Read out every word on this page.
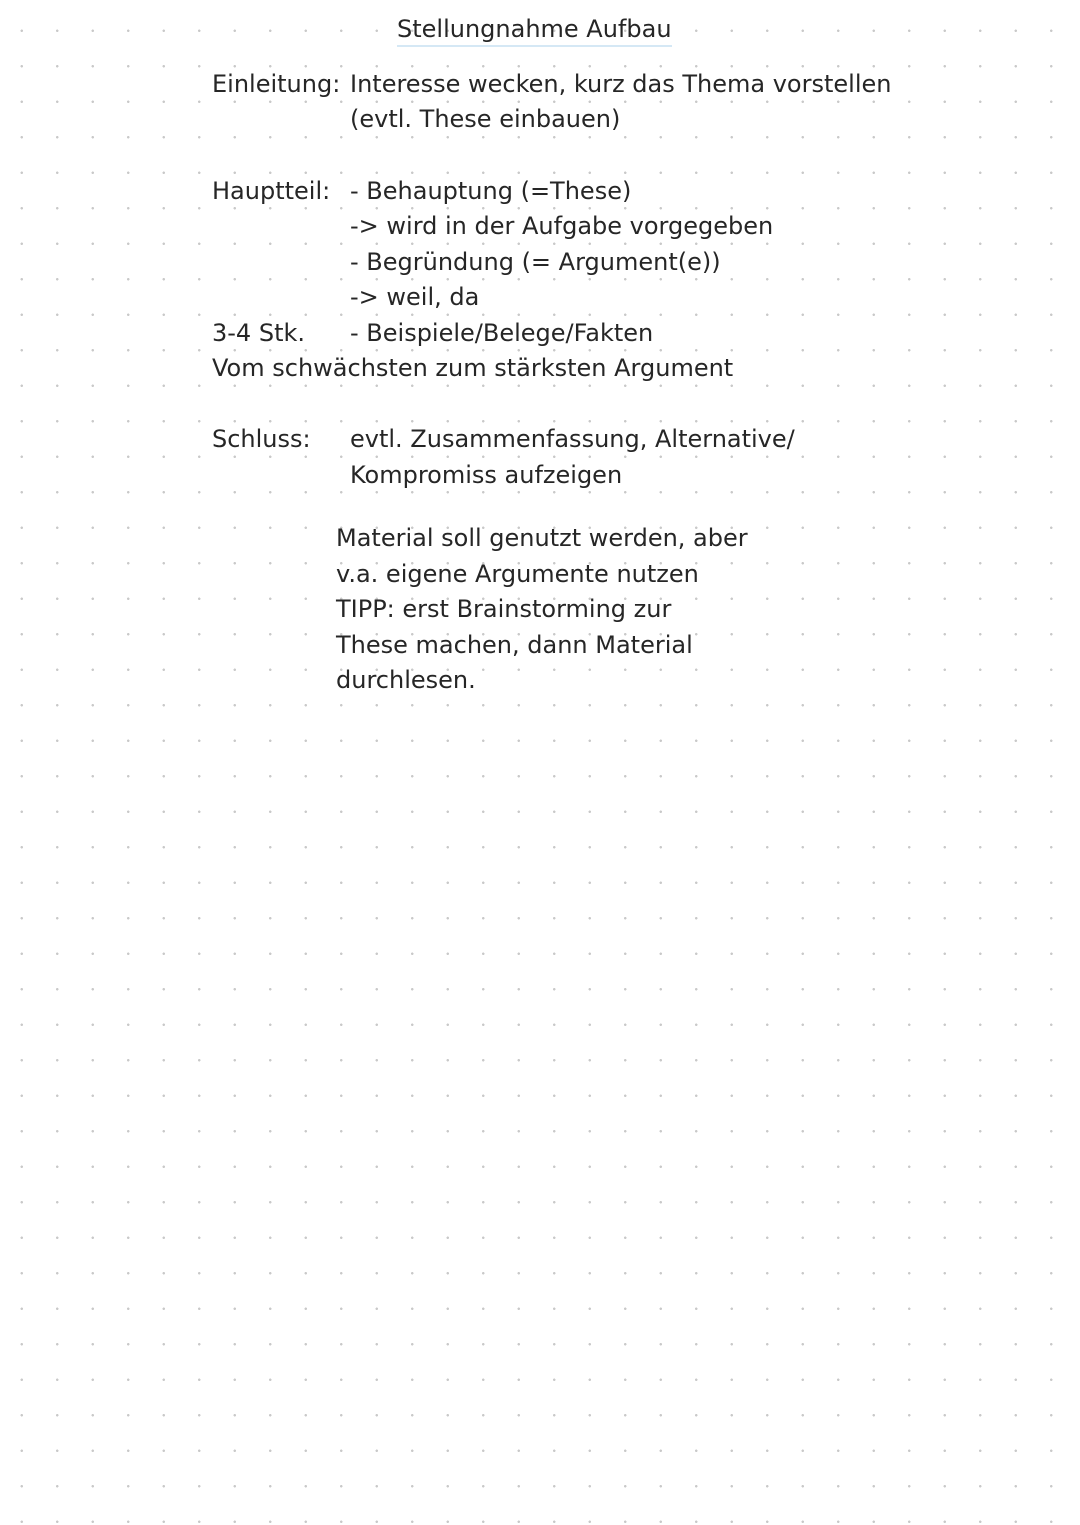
Stellungnahme Aufbau
Einleitung: Interesse wecken, kurz das Thema vorstellen
(evtl. These einbauen)
Hauptteil: - Behauptung (=These)
-> wird in der Aufgabe vorgegeben
- Begründung (= Argument(e))
-> weil, da
3-4 Stk. - Beispiele/Belege/Fakten
Vom schwächsten zum stärksten Argument
Schluss: evtl. Zusammenfassung, Alternative/
Kompromiss aufzeigen
Material soll genutzt werden, aber
v.a. eigene Argumente nutzen
TIPP: erst Brainstorming zur
These machen, dann Material
durchlesen.
